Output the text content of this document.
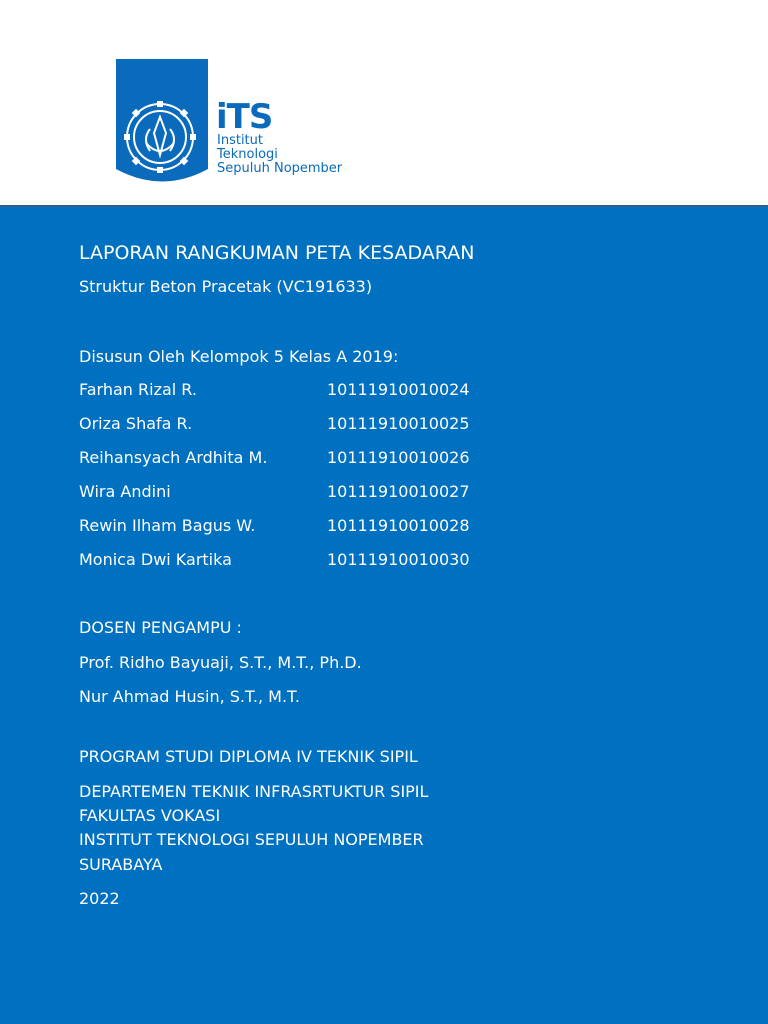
iTS
Institut
Teknologi
Sepuluh Nopember
LAPORAN RANGKUMAN PETA KESADARAN
Struktur Beton Pracetak (VC191633)
Disusun Oleh Kelompok 5 Kelas A 2019:
Farhan Rizal R.	10111910010024
Oriza Shafa R.	10111910010025
Reihansyach Ardhita M.	10111910010026
Wira Andini	10111910010027
Rewin Ilham Bagus W.	10111910010028
Monica Dwi Kartika	10111910010030
DOSEN PENGAMPU :
Prof. Ridho Bayuaji, S.T., M.T., Ph.D.
Nur Ahmad Husin, S.T., M.T.
PROGRAM STUDI DIPLOMA IV TEKNIK SIPIL
DEPARTEMEN TEKNIK INFRASRTUKTUR SIPIL
FAKULTAS VOKASI
INSTITUT TEKNOLOGI SEPULUH NOPEMBER
SURABAYA
2022
